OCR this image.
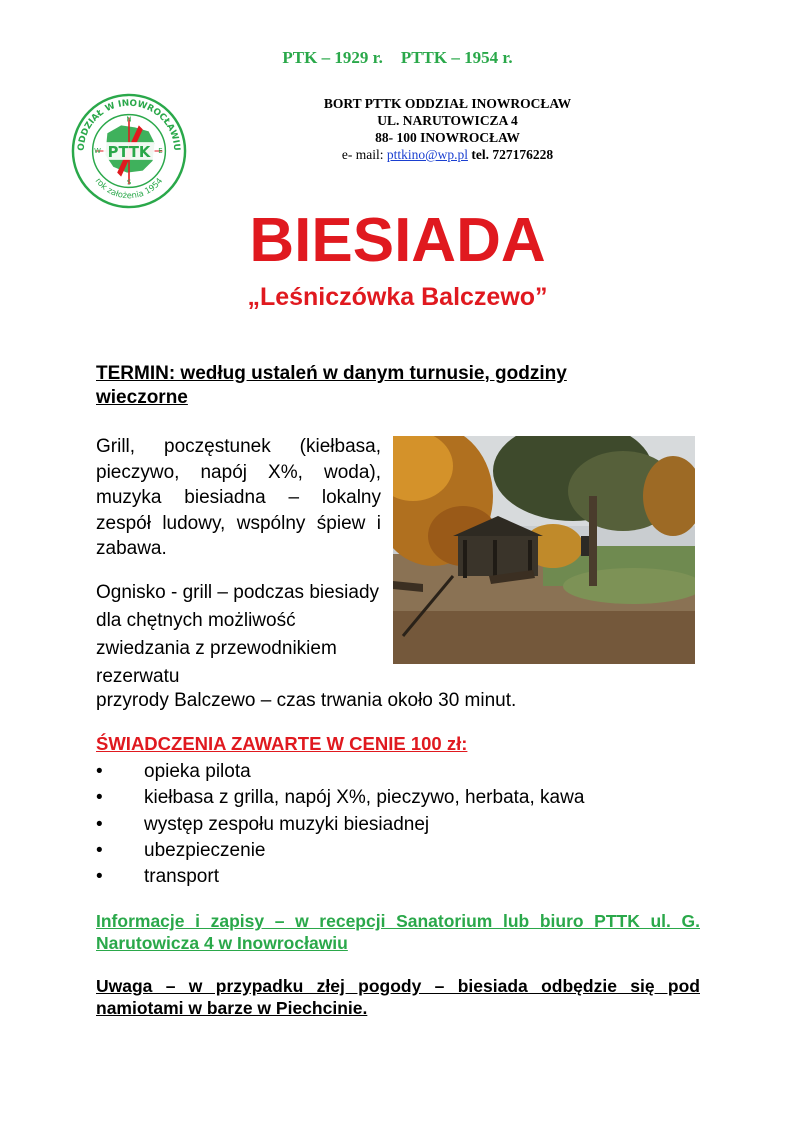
PTK – 1929 r. PTTK – 1954 r.
ODDZIAŁ W INOWROCŁAWIU
rok założenia 1954
PTTK
N
E
S
W
BORT PTTK ODDZIAŁ INOWROCŁAW
UL. NARUTOWICZA 4
88- 100 INOWROCŁAW
e- mail: pttkino@wp.pl tel. 727176228
BIESIADA
„Leśniczówka Balczewo”
TERMIN: według ustaleń w danym turnusie, godziny wieczorne
Grill, poczęstunek (kiełbasa, pieczywo, napój X%, woda), muzyka biesiadna – lokalny zespół ludowy, wspólny śpiew i zabawa.
Ognisko - grill – podczas biesiady dla chętnych możliwość zwiedzania z przewodnikiem rezerwatu
przyrody Balczewo – czas trwania około 30 minut.
ŚWIADCZENIA ZAWARTE W CENIE 100 zł:
• opieka pilota
• kiełbasa z grilla, napój X%, pieczywo, herbata, kawa
• występ zespołu muzyki biesiadnej
• ubezpieczenie
• transport
Informacje i zapisy – w recepcji Sanatorium lub biuro PTTK ul. G. Narutowicza 4 w Inowrocławiu
Uwaga – w przypadku złej pogody – biesiada odbędzie się pod namiotami w barze w Piechcinie.
